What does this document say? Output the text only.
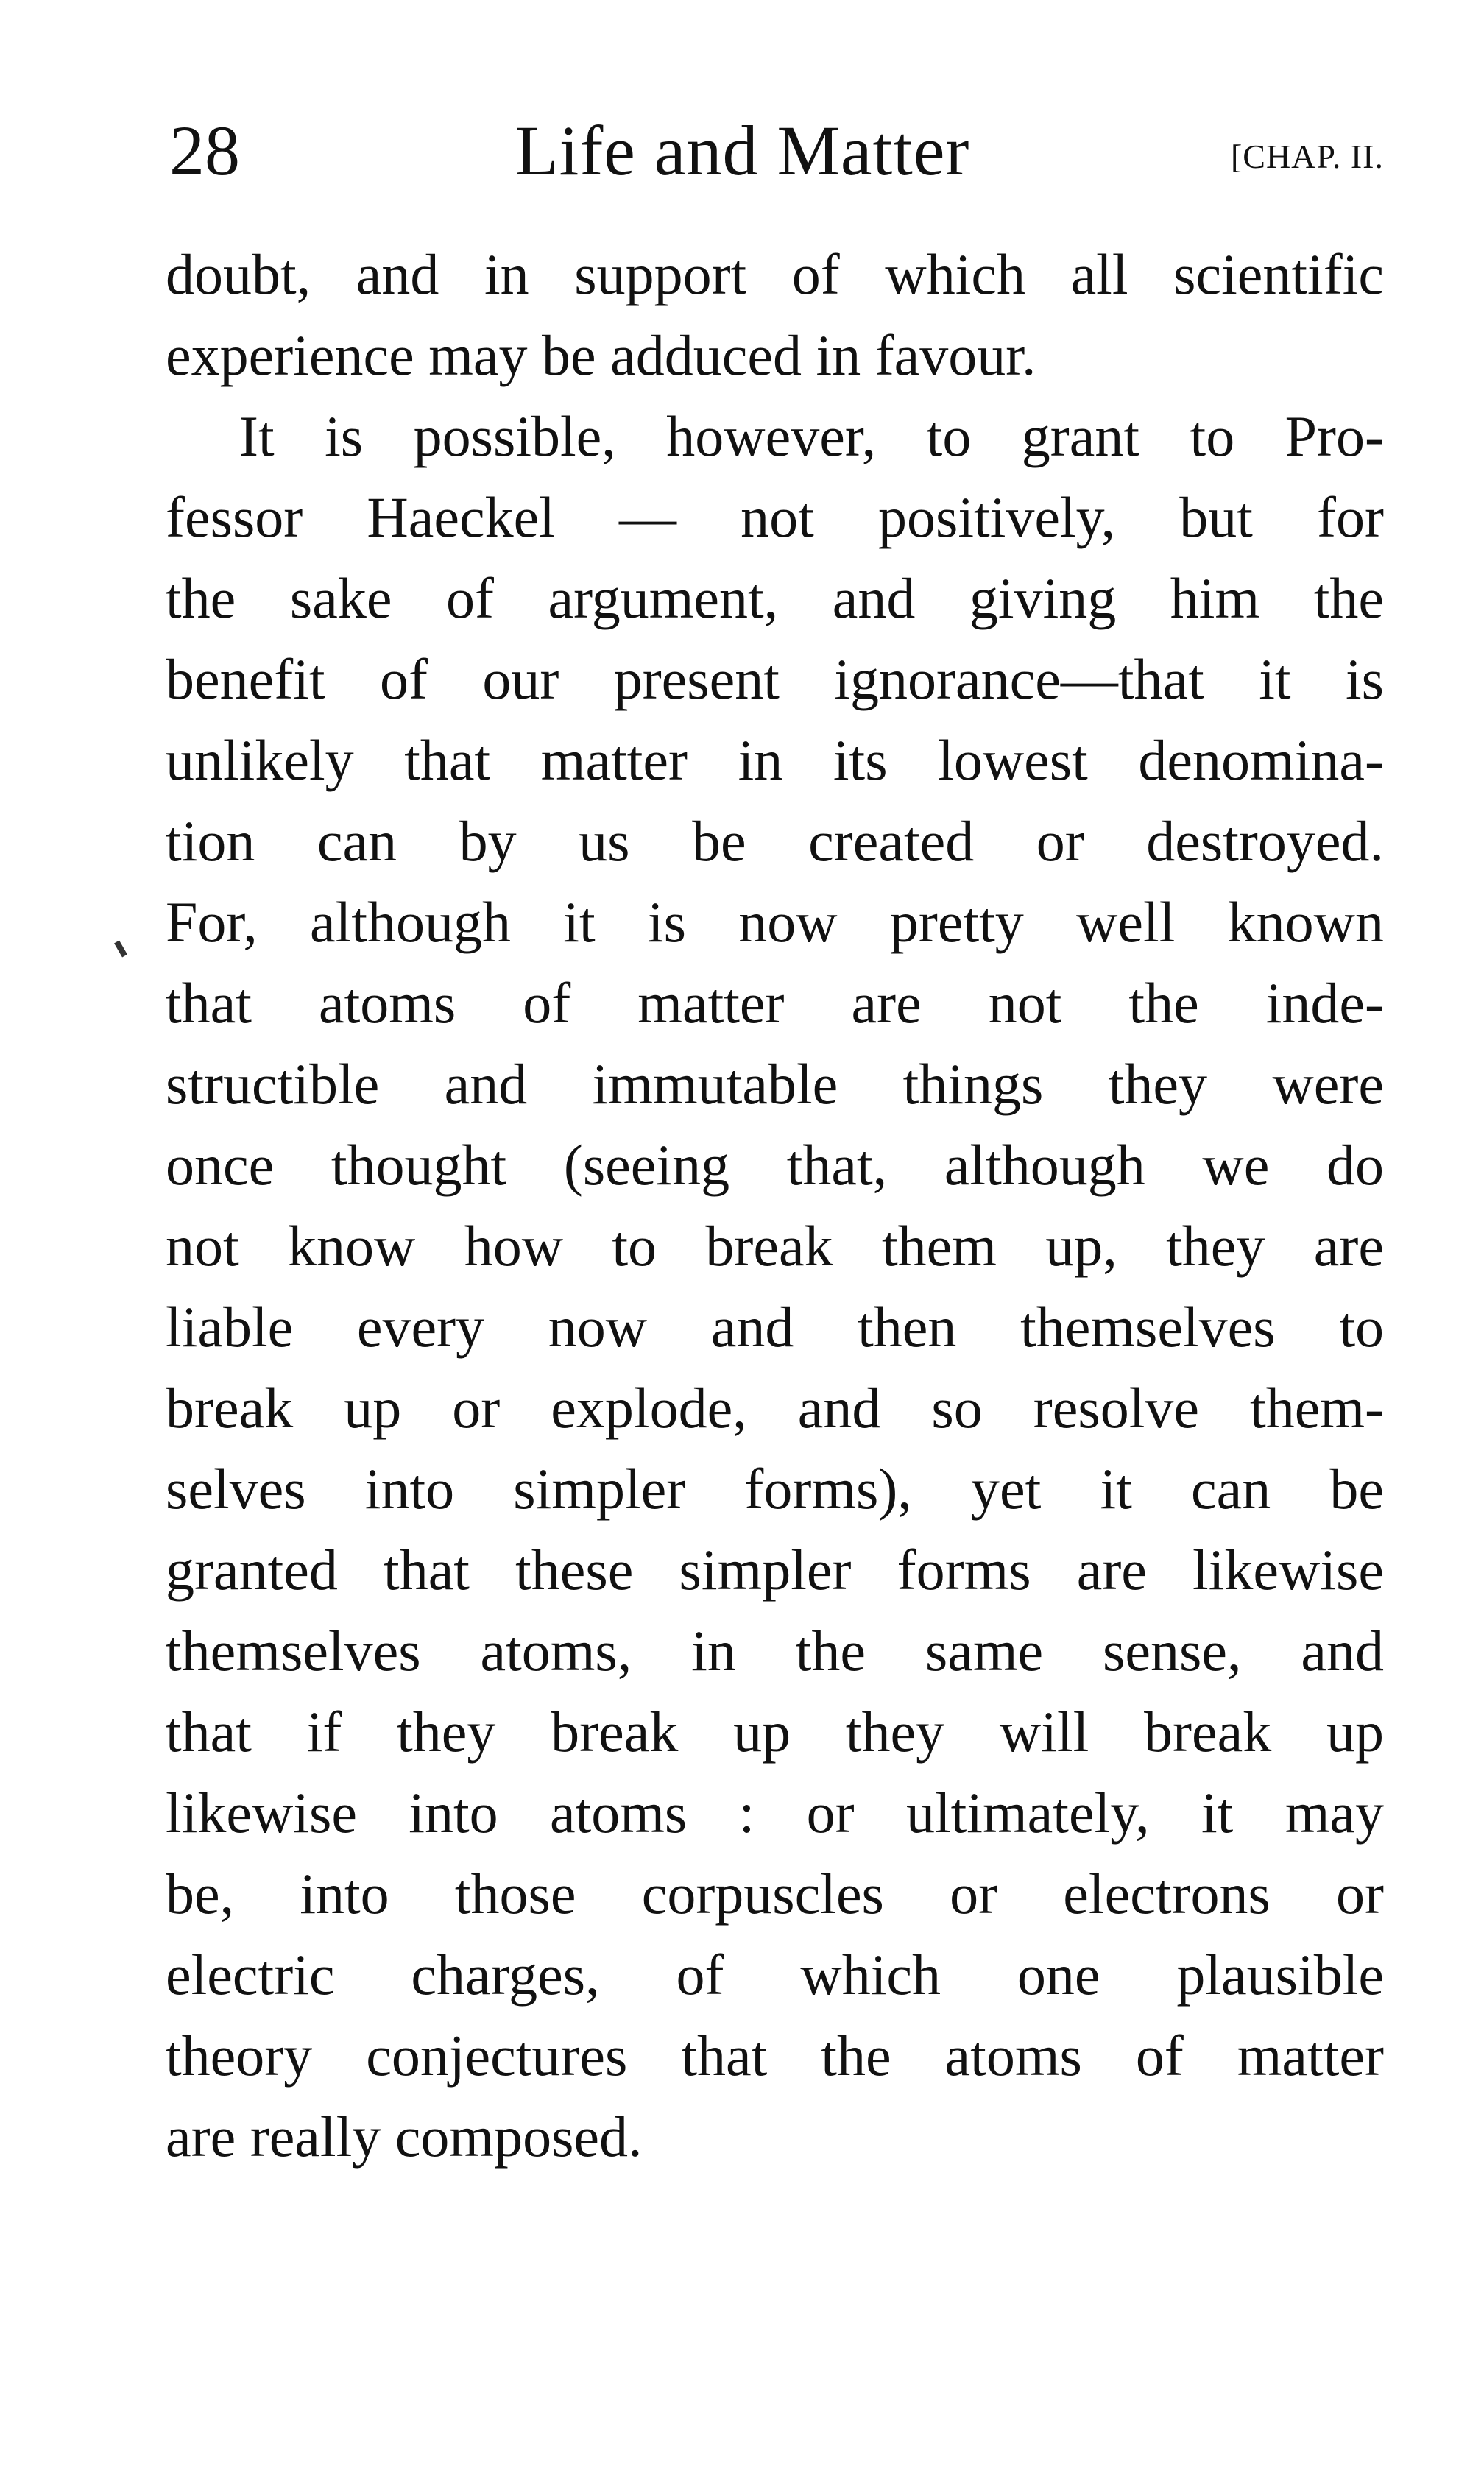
28	Life and Matter	[CHAP. II.
doubt, and in support of which all scientific
experience may be adduced in favour.
It is possible, however, to grant to Pro-
fessor Haeckel — not positively, but for
the sake of argument, and giving him the
benefit of our present ignorance—that it is
unlikely that matter in its lowest denomina-
tion can by us be created or destroyed.
For, although it is now pretty well known
that atoms of matter are not the inde-
structible and immutable things they were
once thought (seeing that, although we do
not know how to break them up, they are
liable every now and then themselves to
break up or explode, and so resolve them-
selves into simpler forms), yet it can be
granted that these simpler forms are likewise
themselves atoms, in the same sense, and
that if they break up they will break up
likewise into atoms : or ultimately, it may
be, into those corpuscles or electrons or
electric charges, of which one plausible
theory conjectures that the atoms of matter
are really composed.
